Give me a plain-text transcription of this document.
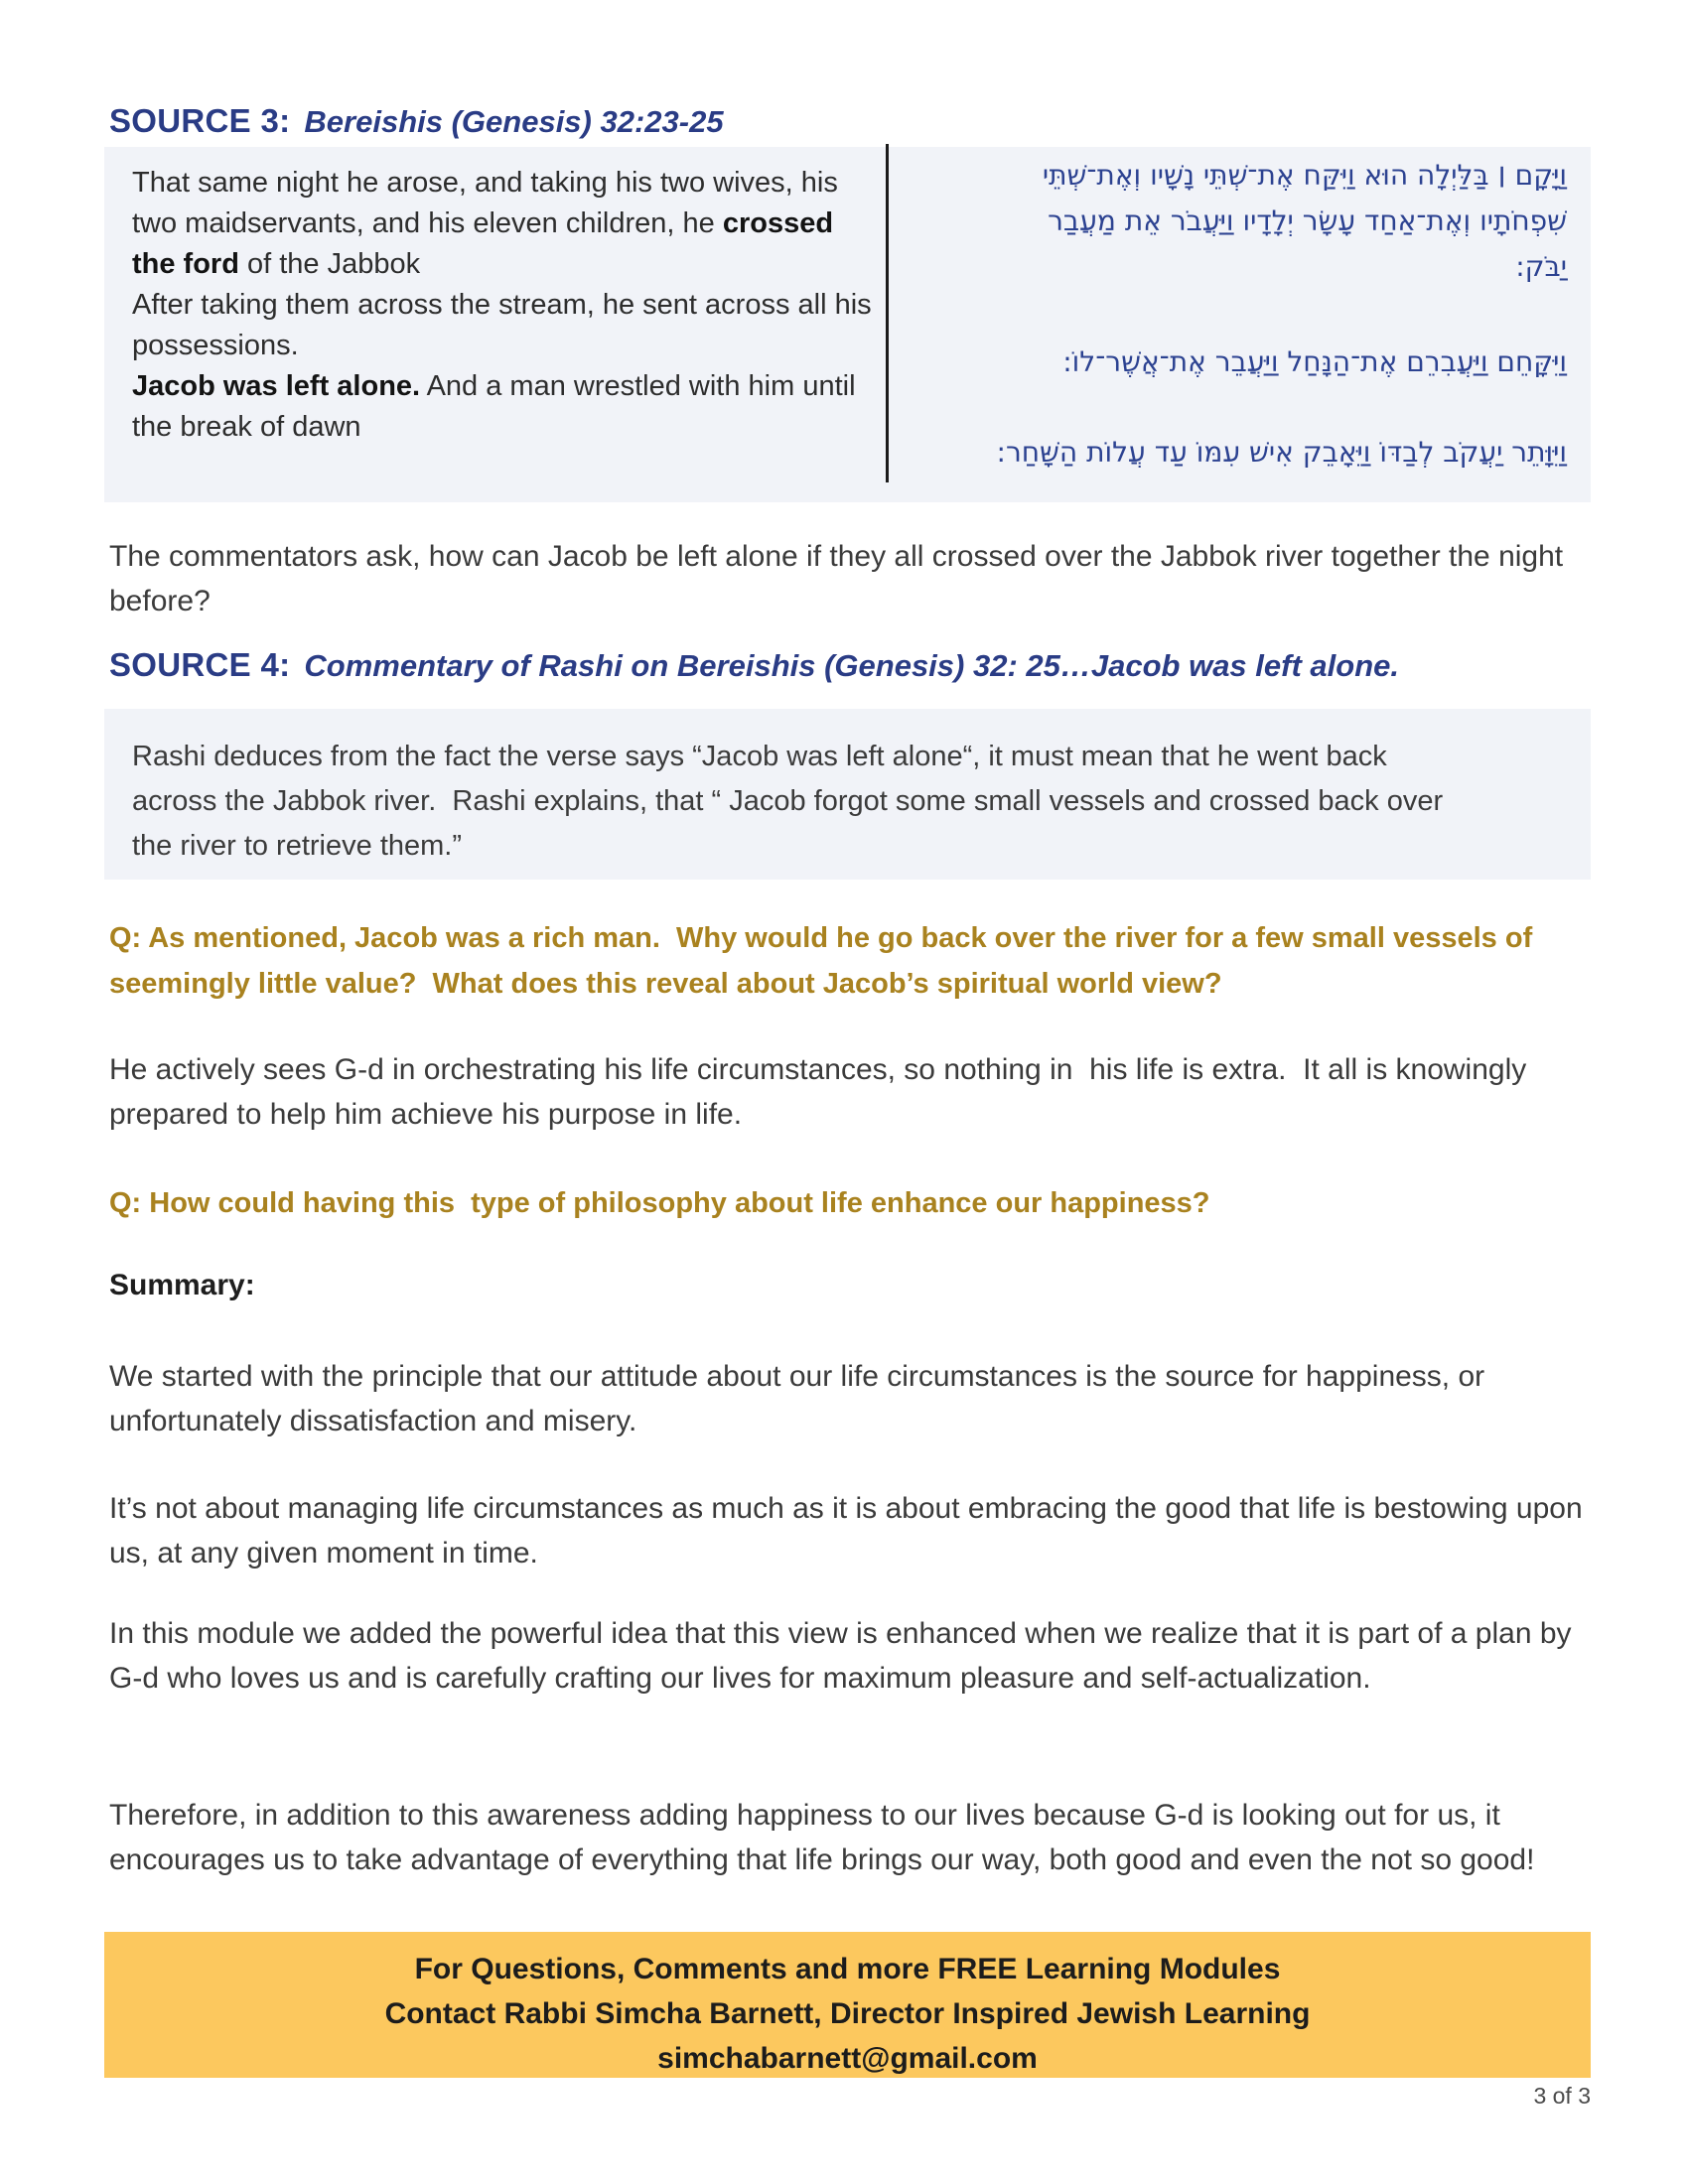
SOURCE 3: Bereishis (Genesis) 32:23-25

That same night he arose, and taking his two wives, his two maidservants, and his eleven children, he crossed the ford of the Jabbok

After taking them across the stream, he sent across all his possessions.

Jacob was left alone. And a man wrestled with him until the break of dawn

וַיָּקָם ׀ בַּלַּיְלָה הוּא וַיִּקַּח אֶת־שְׁתֵּי נָשָׁיו וְאֶת־שְׁתֵּי
שִׁפְחֹתָיו וְאֶת־אַחַד עָשָׂר יְלָדָיו וַיַּעֲבֹר אֵת מַעֲבַר יַבֹּק:
וַיִּקָּחֵם וַיַּעֲבִרֵם אֶת־הַנָּחַל וַיַּעֲבֵר אֶת־אֲשֶׁר־לוֹ:
וַיִּוָּתֵר יַעֲקֹב לְבַדּוֹ וַיֵּאָבֵק אִישׁ עִמּוֹ עַד עֲלוֹת הַשָּׁחַר:

The commentators ask, how can Jacob be left alone if they all crossed over the Jabbok river together the night before?

SOURCE 4: Commentary of Rashi on Bereishis (Genesis) 32: 25…Jacob was left alone.

Rashi deduces from the fact the verse says “Jacob was left alone“, it must mean that he went back across the Jabbok river.  Rashi explains, that “ Jacob forgot some small vessels and crossed back over the river to retrieve them.”

Q: As mentioned, Jacob was a rich man.  Why would he go back over the river for a few small vessels of seemingly little value?  What does this reveal about Jacob’s spiritual world view?

He actively sees G-d in orchestrating his life circumstances, so nothing in  his life is extra.  It all is knowingly prepared to help him achieve his purpose in life.

Q: How could having this  type of philosophy about life enhance our happiness?

Summary:

We started with the principle that our attitude about our life circumstances is the source for happiness, or unfortunately dissatisfaction and misery.

It’s not about managing life circumstances as much as it is about embracing the good that life is bestowing upon us, at any given moment in time.

In this module we added the powerful idea that this view is enhanced when we realize that it is part of a plan by G-d who loves us and is carefully crafting our lives for maximum pleasure and self-actualization.

Therefore, in addition to this awareness adding happiness to our lives because G-d is looking out for us, it encourages us to take advantage of everything that life brings our way, both good and even the not so good!

For Questions, Comments and more FREE Learning Modules
Contact Rabbi Simcha Barnett, Director Inspired Jewish Learning
simchabarnett@gmail.com
3 of 3
